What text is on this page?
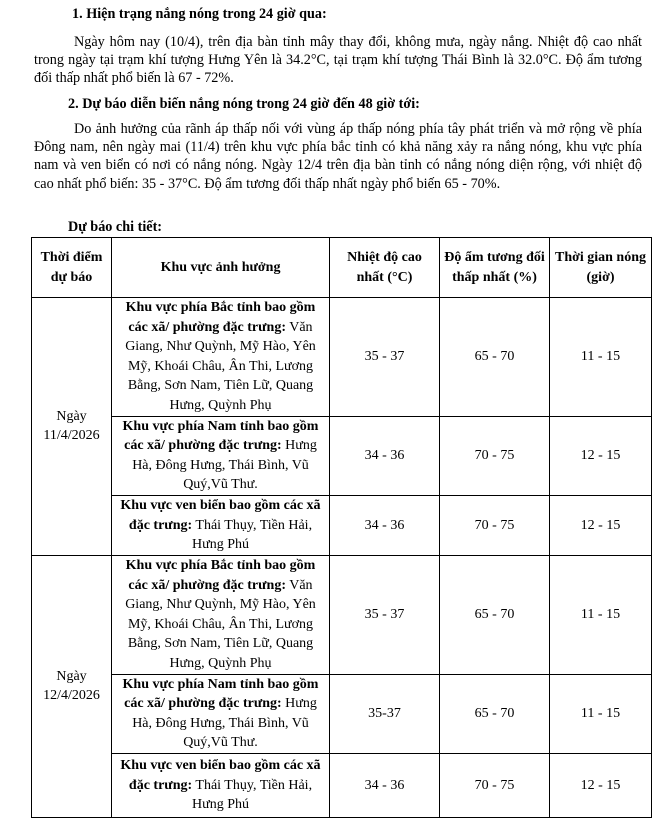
1. Hiện trạng nắng nóng trong 24 giờ qua:
Ngày hôm nay (10/4), trên địa bàn tỉnh mây thay đổi, không mưa, ngày nắng. Nhiệt độ cao nhất trong ngày tại trạm khí tượng Hưng Yên là 34.2°C, tại trạm khí tượng Thái Bình là 32.0°C. Độ ẩm tương đối thấp nhất phổ biến là 67 - 72%.
2. Dự báo diễn biến nắng nóng trong 24 giờ đến 48 giờ tới:
Do ảnh hưởng của rãnh áp thấp nối với vùng áp thấp nóng phía tây phát triển và mở rộng về phía Đông nam, nên ngày mai (11/4) trên khu vực phía bắc tỉnh có khả năng xảy ra nắng nóng, khu vực phía nam và ven biển có nơi có nắng nóng. Ngày 12/4 trên địa bàn tỉnh có nắng nóng diện rộng, với nhiệt độ cao nhất phổ biến: 35 - 37°C. Độ ẩm tương đối thấp nhất ngày phổ biến 65 - 70%.
Dự báo chi tiết:
Thời điểm dự báo	Khu vực ảnh hưởng	Nhiệt độ cao nhất (°C)	Độ ẩm tương đối thấp nhất (%)	Thời gian nóng (giờ)
Ngày 11/4/2026	Khu vực phía Bắc tỉnh bao gồm các xã/ phường đặc trưng: Văn Giang, Như Quỳnh, Mỹ Hào, Yên Mỹ, Khoái Châu, Ân Thi, Lương Bằng, Sơn Nam, Tiên Lữ, Quang Hưng, Quỳnh Phụ	35 - 37	65 - 70	11 - 15
	Khu vực phía Nam tỉnh bao gồm các xã/ phường đặc trưng: Hưng Hà, Đông Hưng, Thái Bình, Vũ Quý,Vũ Thư.	34 - 36	70 - 75	12 - 15
	Khu vực ven biển bao gồm các xã đặc trưng: Thái Thụy, Tiền Hải, Hưng Phú	34 - 36	70 - 75	12 - 15
Ngày 12/4/2026	Khu vực phía Bắc tỉnh bao gồm các xã/ phường đặc trưng: Văn Giang, Như Quỳnh, Mỹ Hào, Yên Mỹ, Khoái Châu, Ân Thi, Lương Bằng, Sơn Nam, Tiên Lữ, Quang Hưng, Quỳnh Phụ	35 - 37	65 - 70	11 - 15
	Khu vực phía Nam tỉnh bao gồm các xã/ phường đặc trưng: Hưng Hà, Đông Hưng, Thái Bình, Vũ Quý,Vũ Thư.	35-37	65 - 70	11 - 15
	Khu vực ven biển bao gồm các xã đặc trưng: Thái Thụy, Tiền Hải, Hưng Phú	34 - 36	70 - 75	12 - 15
